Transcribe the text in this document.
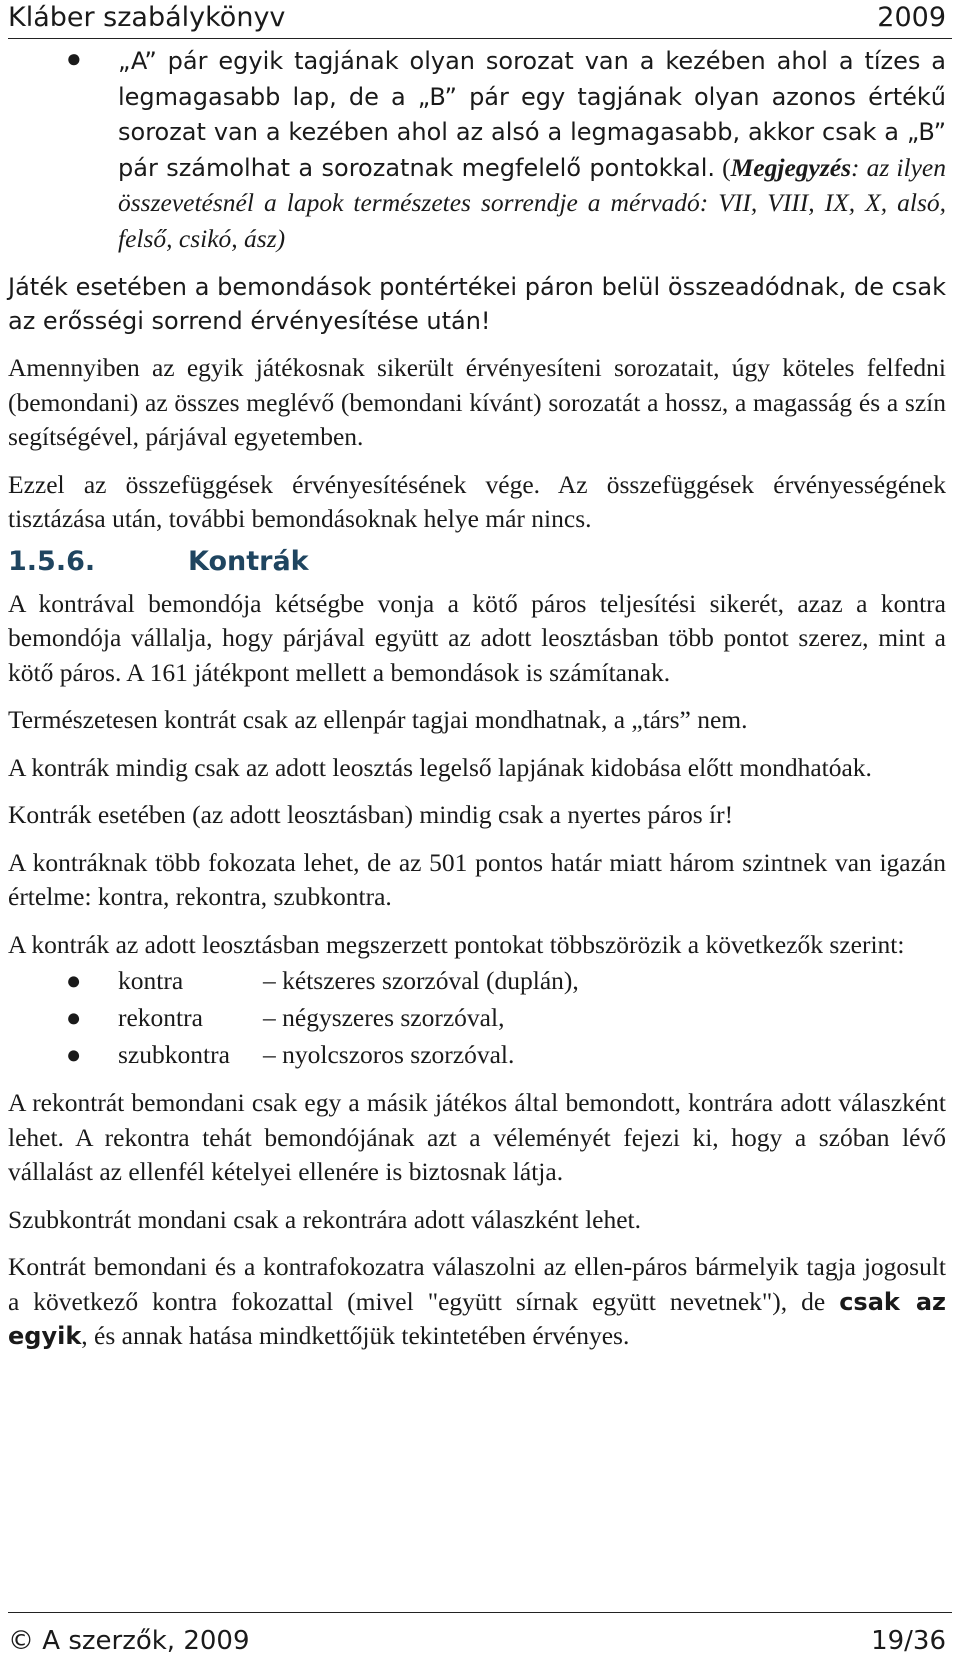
Kláber szabálykönyv	2009
● „A” pár egyik tagjának olyan sorozat van a kezében ahol a tízes a legmagasabb lap, de a „B” pár egy tagjának olyan azonos értékű sorozat van a kezében ahol az alsó a legmagasabb, akkor csak a „B” pár számolhat a sorozatnak megfelelő pontokkal. (Megjegyzés: az ilyen összevetésnél a lapok természetes sorrendje a mérvadó: VII, VIII, IX, X, alsó, felső, csikó, ász)

Játék esetében a bemondások pontértékei páron belül összeadódnak, de csak az erősségi sorrend érvényesítése után!

Amennyiben az egyik játékosnak sikerült érvényesíteni sorozatait, úgy köteles felfedni (bemondani) az összes meglévő (bemondani kívánt) sorozatát a hossz, a magasság és a szín segítségével, párjával egyetemben.

Ezzel az összefüggések érvényesítésének vége. Az összefüggések érvényességének tisztázása után, további bemondásoknak helye már nincs.

1.5.6.	Kontrák

A kontrával bemondója kétségbe vonja a kötő páros teljesítési sikerét, azaz a kontra bemondója vállalja, hogy párjával együtt az adott leosztásban több pontot szerez, mint a kötő páros. A 161 játékpont mellett a bemondások is számítanak.

Természetesen kontrát csak az ellenpár tagjai mondhatnak, a „társ” nem.

A kontrák mindig csak az adott leosztás legelső lapjának kidobása előtt mondhatóak.

Kontrák esetében (az adott leosztásban) mindig csak a nyertes páros ír!

A kontráknak több fokozata lehet, de az 501 pontos határ miatt három szintnek van igazán értelme: kontra, rekontra, szubkontra.

A kontrák az adott leosztásban megszerzett pontokat többszörözik a következők szerint:

● kontra	– kétszeres szorzóval (duplán),
● rekontra – négyszeres szorzóval,
● szubkontra – nyolcszoros szorzóval.

A rekontrát bemondani csak egy a másik játékos által bemondott, kontrára adott válaszként lehet. A rekontra tehát bemondójának azt a véleményét fejezi ki, hogy a szóban lévő vállalást az ellenfél kételyei ellenére is biztosnak látja.

Szubkontrát mondani csak a rekontrára adott válaszként lehet.

Kontrát bemondani és a kontrafokozatra válaszolni az ellen-páros bármelyik tagja jogosult a következő kontra fokozattal (mivel "együtt sírnak együtt nevetnek"), de csak az egyik, és annak hatása mindkettőjük tekintetében érvényes.

© A szerzők, 2009	19/36
